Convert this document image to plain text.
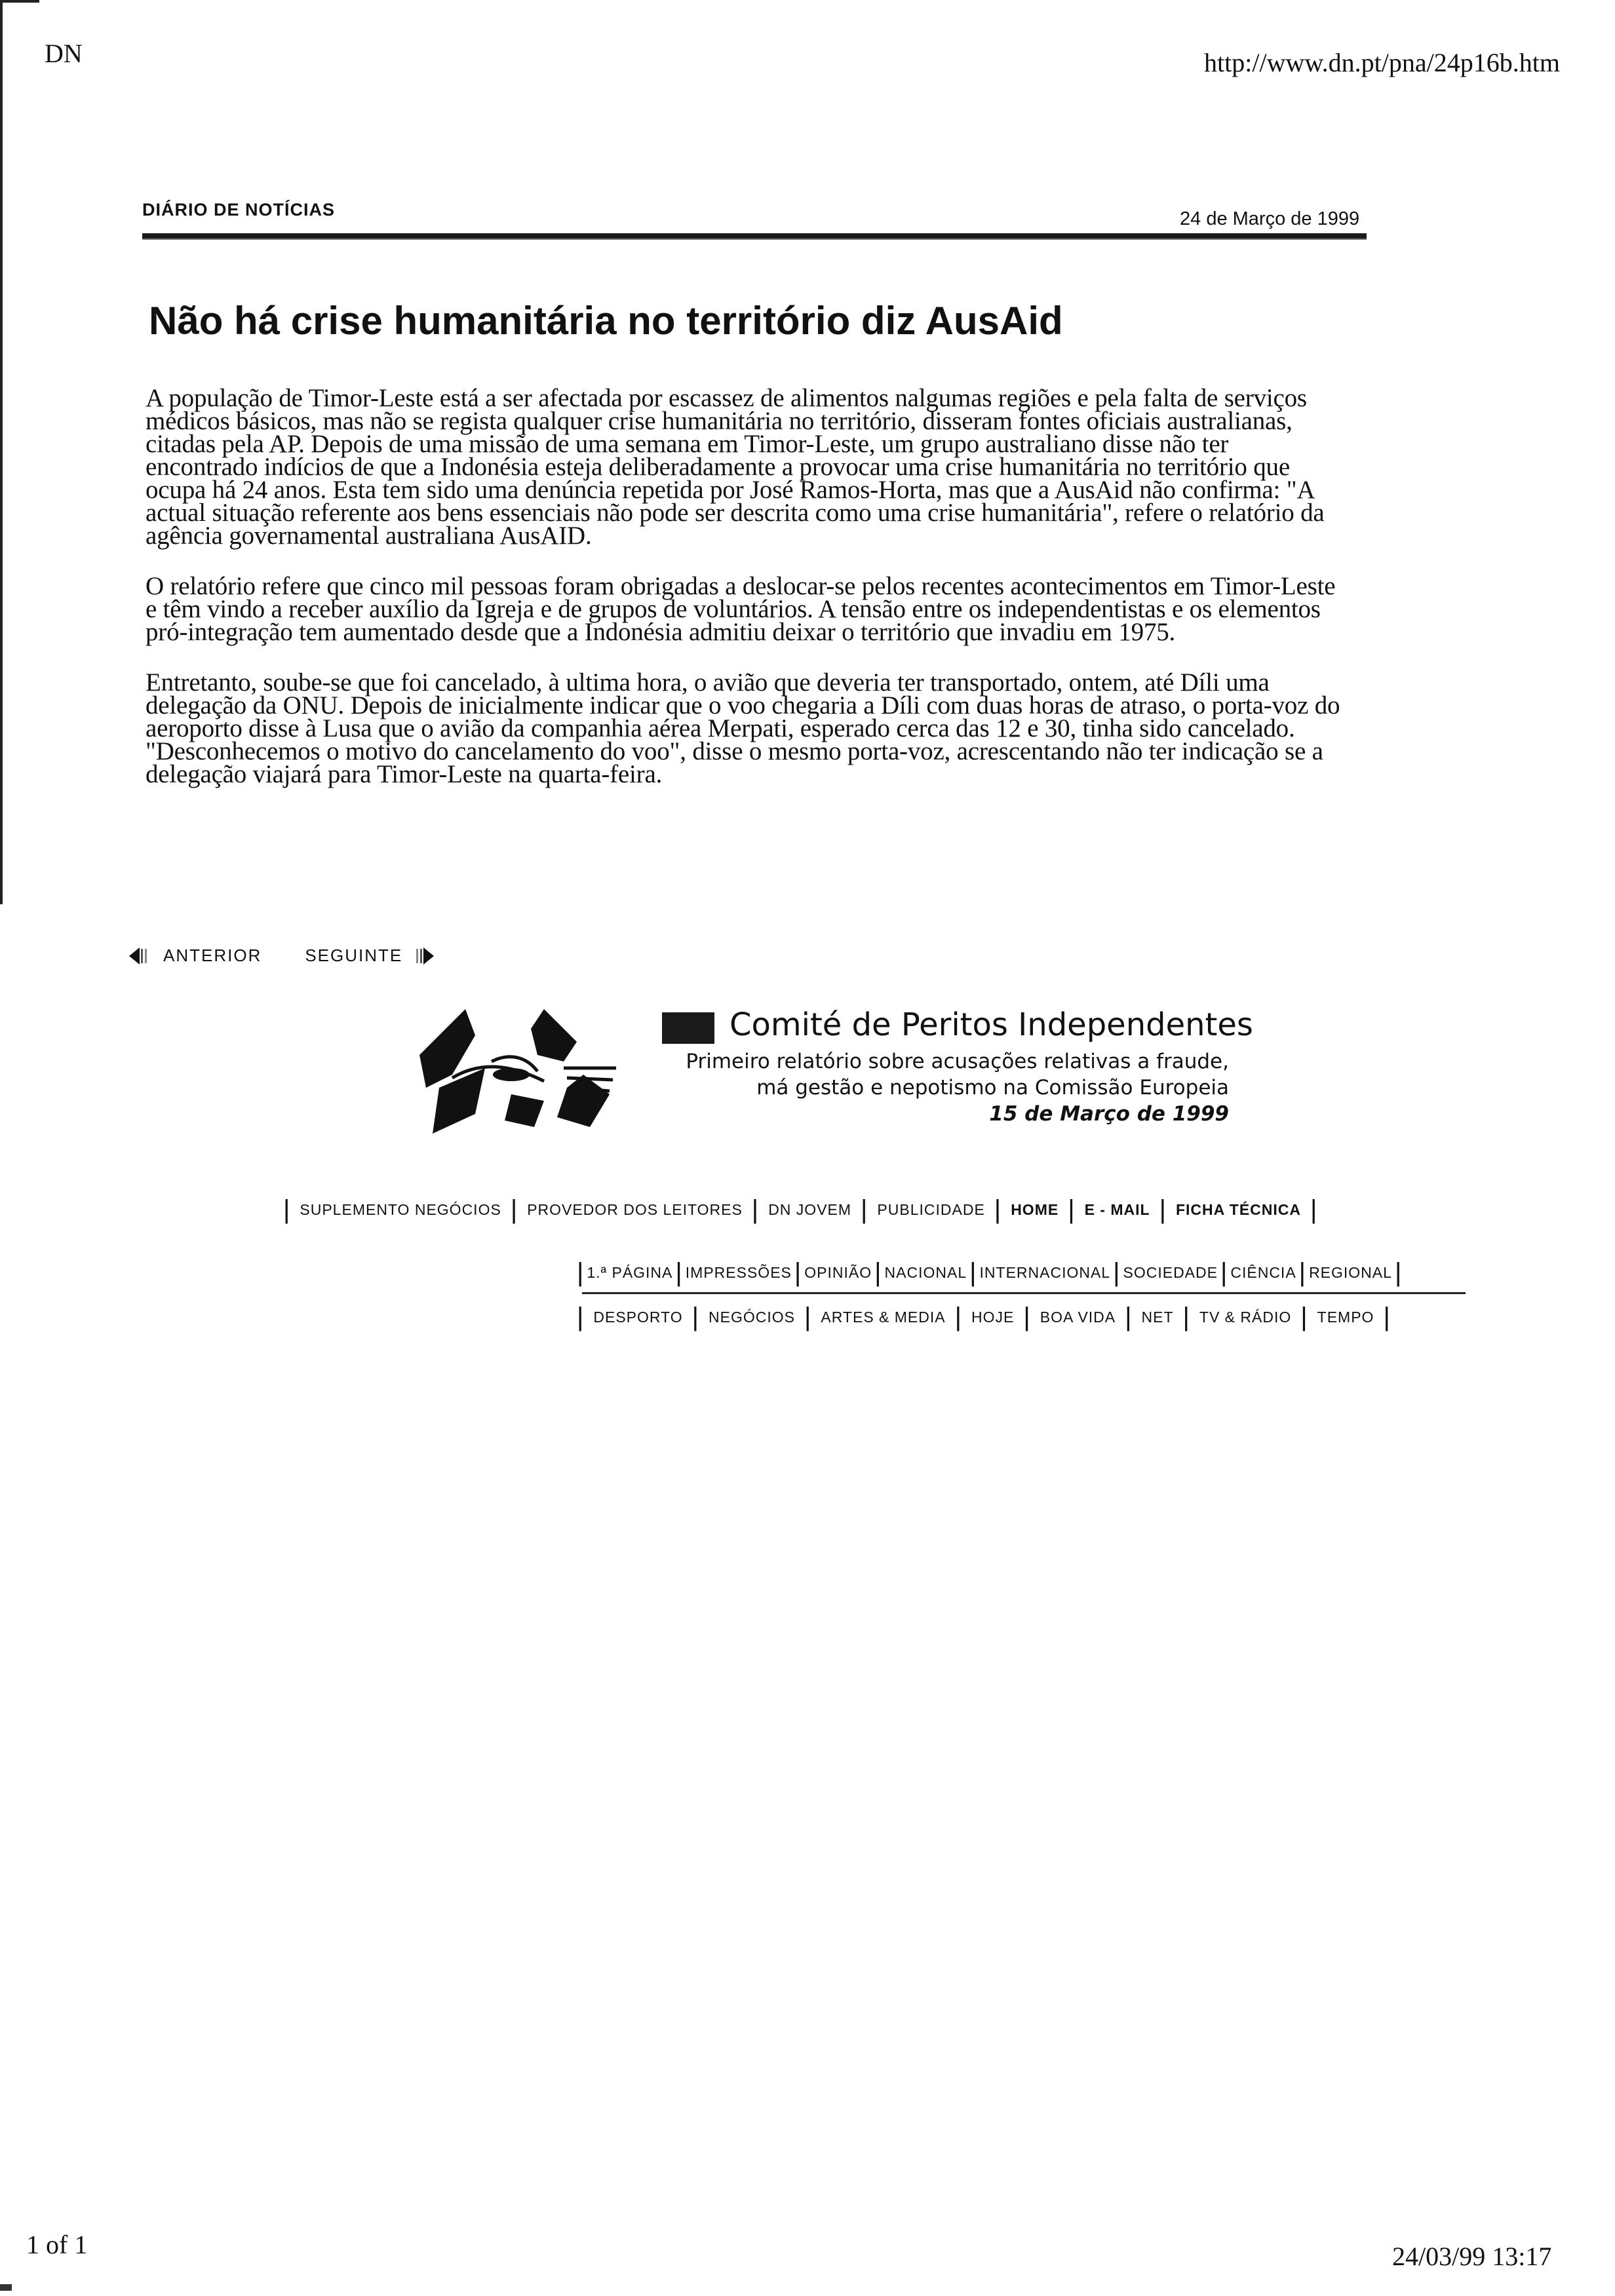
DN	http://www.dn.pt/pna/24p16b.htm
DIÁRIO DE NOTÍCIAS	24 de Março de 1999
Não há crise humanitária no território diz AusAid

A população de Timor-Leste está a ser afectada por escassez de alimentos nalgumas regiões e pela falta de serviços médicos básicos, mas não se regista qualquer crise humanitária no território, disseram fontes oficiais australianas, citadas pela AP. Depois de uma missão de uma semana em Timor-Leste, um grupo australiano disse não ter encontrado indícios de que a Indonésia esteja deliberadamente a provocar uma crise humanitária no território que ocupa há 24 anos. Esta tem sido uma denúncia repetida por José Ramos-Horta, mas que a AusAid não confirma: "A actual situação referente aos bens essenciais não pode ser descrita como uma crise humanitária", refere o relatório da agência governamental australiana AusAID.

O relatório refere que cinco mil pessoas foram obrigadas a deslocar-se pelos recentes acontecimentos em Timor-Leste e têm vindo a receber auxílio da Igreja e de grupos de voluntários. A tensão entre os independentistas e os elementos pró-integração tem aumentado desde que a Indonésia admitiu deixar o território que invadiu em 1975.

Entretanto, soube-se que foi cancelado, à ultima hora, o avião que deveria ter transportado, ontem, até Díli uma delegação da ONU. Depois de inicialmente indicar que o voo chegaria a Díli com duas horas de atraso, o porta-voz do aeroporto disse à Lusa que o avião da companhia aérea Merpati, esperado cerca das 12 e 30, tinha sido cancelado. "Desconhecemos o motivo do cancelamento do voo", disse o mesmo porta-voz, acrescentando não ter indicação se a delegação viajará para Timor-Leste na quarta-feira.

ANTERIOR	SEGUINTE
Comité de Peritos Independentes
Primeiro relatório sobre acusações relativas a fraude,
má gestão e nepotismo na Comissão Europeia
15 de Março de 1999
| SUPLEMENTO NEGÓCIOS | PROVEDOR DOS LEITORES | DN JOVEM | PUBLICIDADE | HOME | E - MAIL | FICHA TÉCNICA |
| 1.ª PÁGINA | IMPRESSÕES | OPINIÃO | NACIONAL | INTERNACIONAL | SOCIEDADE | CIÊNCIA | REGIONAL |
| DESPORTO | NEGÓCIOS | ARTES & MEDIA | HOJE | BOA VIDA | NET | TV & RÁDIO | TEMPO |
1 of 1	24/03/99 13:17
